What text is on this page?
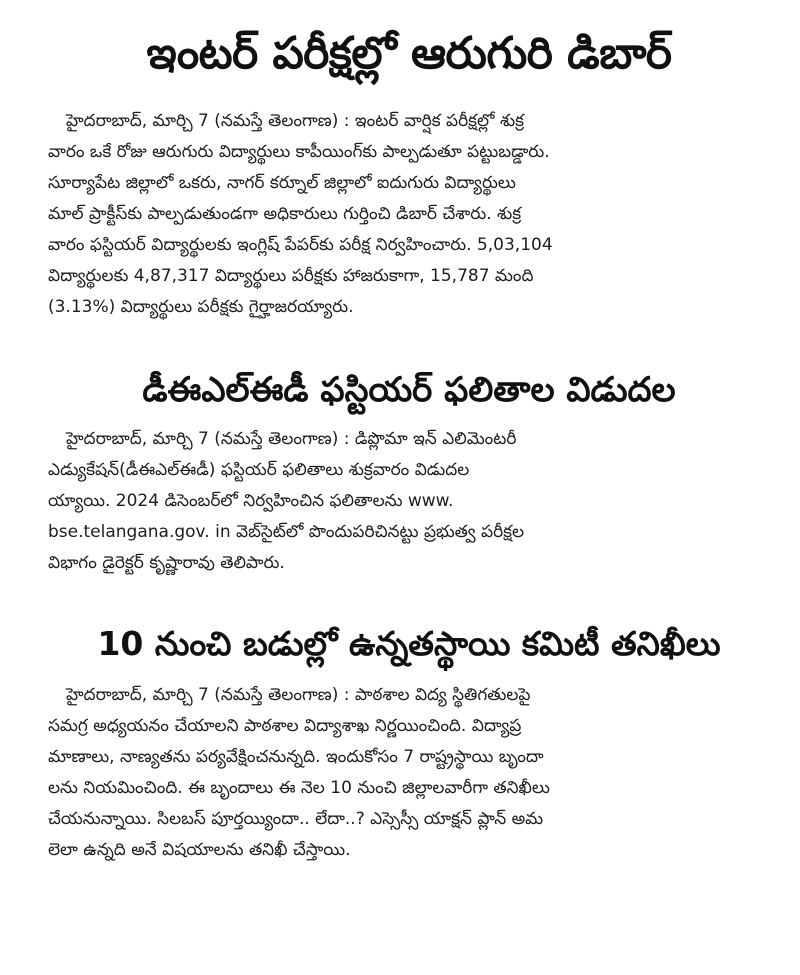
ఇంటర్‌ పరీక్షల్లో ఆరుగురి డిబార్‌
హైదరాబాద్‌, మార్చి 7 (నమస్తే తెలంగాణ) : ఇంటర్‌ వార్షిక పరీక్షల్లో శుక్ర
వారం ఒకే రోజు ఆరుగురు విద్యార్థులు కాపీయింగ్‌కు పాల్పడుతూ పట్టుబడ్డారు.
సూర్యాపేట జిల్లాలో ఒకరు, నాగర్‌ కర్నూల్‌ జిల్లాలో ఐదుగురు విద్యార్థులు
మాల్‌ ప్రాక్టీస్‌కు పాల్పడుతుండగా అధికారులు గుర్తించి డిబార్‌ చేశారు. శుక్ర
వారం ఫస్టియర్‌ విద్యార్థులకు ఇంగ్లిష్‌ పేపర్‌కు పరీక్ష నిర్వహించారు. 5,03,104
విద్యార్థులకు 4,87,317 విద్యార్థులు పరీక్షకు హాజరుకాగా, 15,787 మంది
(3.13%) విద్యార్థులు పరీక్షకు గైర్హాజరయ్యారు.
డీఈఎల్‌ఈడీ ఫస్టియర్‌ ఫలితాల విడుదల
హైదరాబాద్‌, మార్చి 7 (నమస్తే తెలంగాణ) : డిప్లొమా ఇన్‌ ఎలిమెంటరీ
ఎడ్యుకేషన్‌(డీఈఎల్‌ఈడీ) ఫస్టియర్‌ ఫలితాలు శుక్రవారం విడుదల
య్యాయి. 2024 డిసెంబర్‌లో నిర్వహించిన ఫలితాలను www.
bse.telangana.gov. in వెబ్‌సైట్‌లో పొందుపరిచినట్టు ప్రభుత్వ పరీక్షల
విభాగం డైరెక్టర్‌ కృష్ణారావు తెలిపారు.
10 నుంచి బడుల్లో ఉన్నతస్థాయి కమిటీ తనిఖీలు
హైదరాబాద్‌, మార్చి 7 (నమస్తే తెలంగాణ) : పాఠశాల విద్య స్థితిగతులపై
సమగ్ర అధ్యయనం చేయాలని పాఠశాల విద్యాశాఖ నిర్ణయించింది. విద్యాప్ర
మాణాలు, నాణ్యతను పర్యవేక్షించనున్నది. ఇందుకోసం 7 రాష్ట్రస్థాయి బృందా
లను నియమించింది. ఈ బృందాలు ఈ నెల 10 నుంచి జిల్లాలవారీగా తనిఖీలు
చేయనున్నాయి. సిలబస్‌ పూర్తయ్యిందా.. లేదా..? ఎస్సెస్సీ యాక్షన్‌ ప్లాన్‌ అమ
లెలా ఉన్నది అనే విషయాలను తనిఖీ చేస్తాయి.
